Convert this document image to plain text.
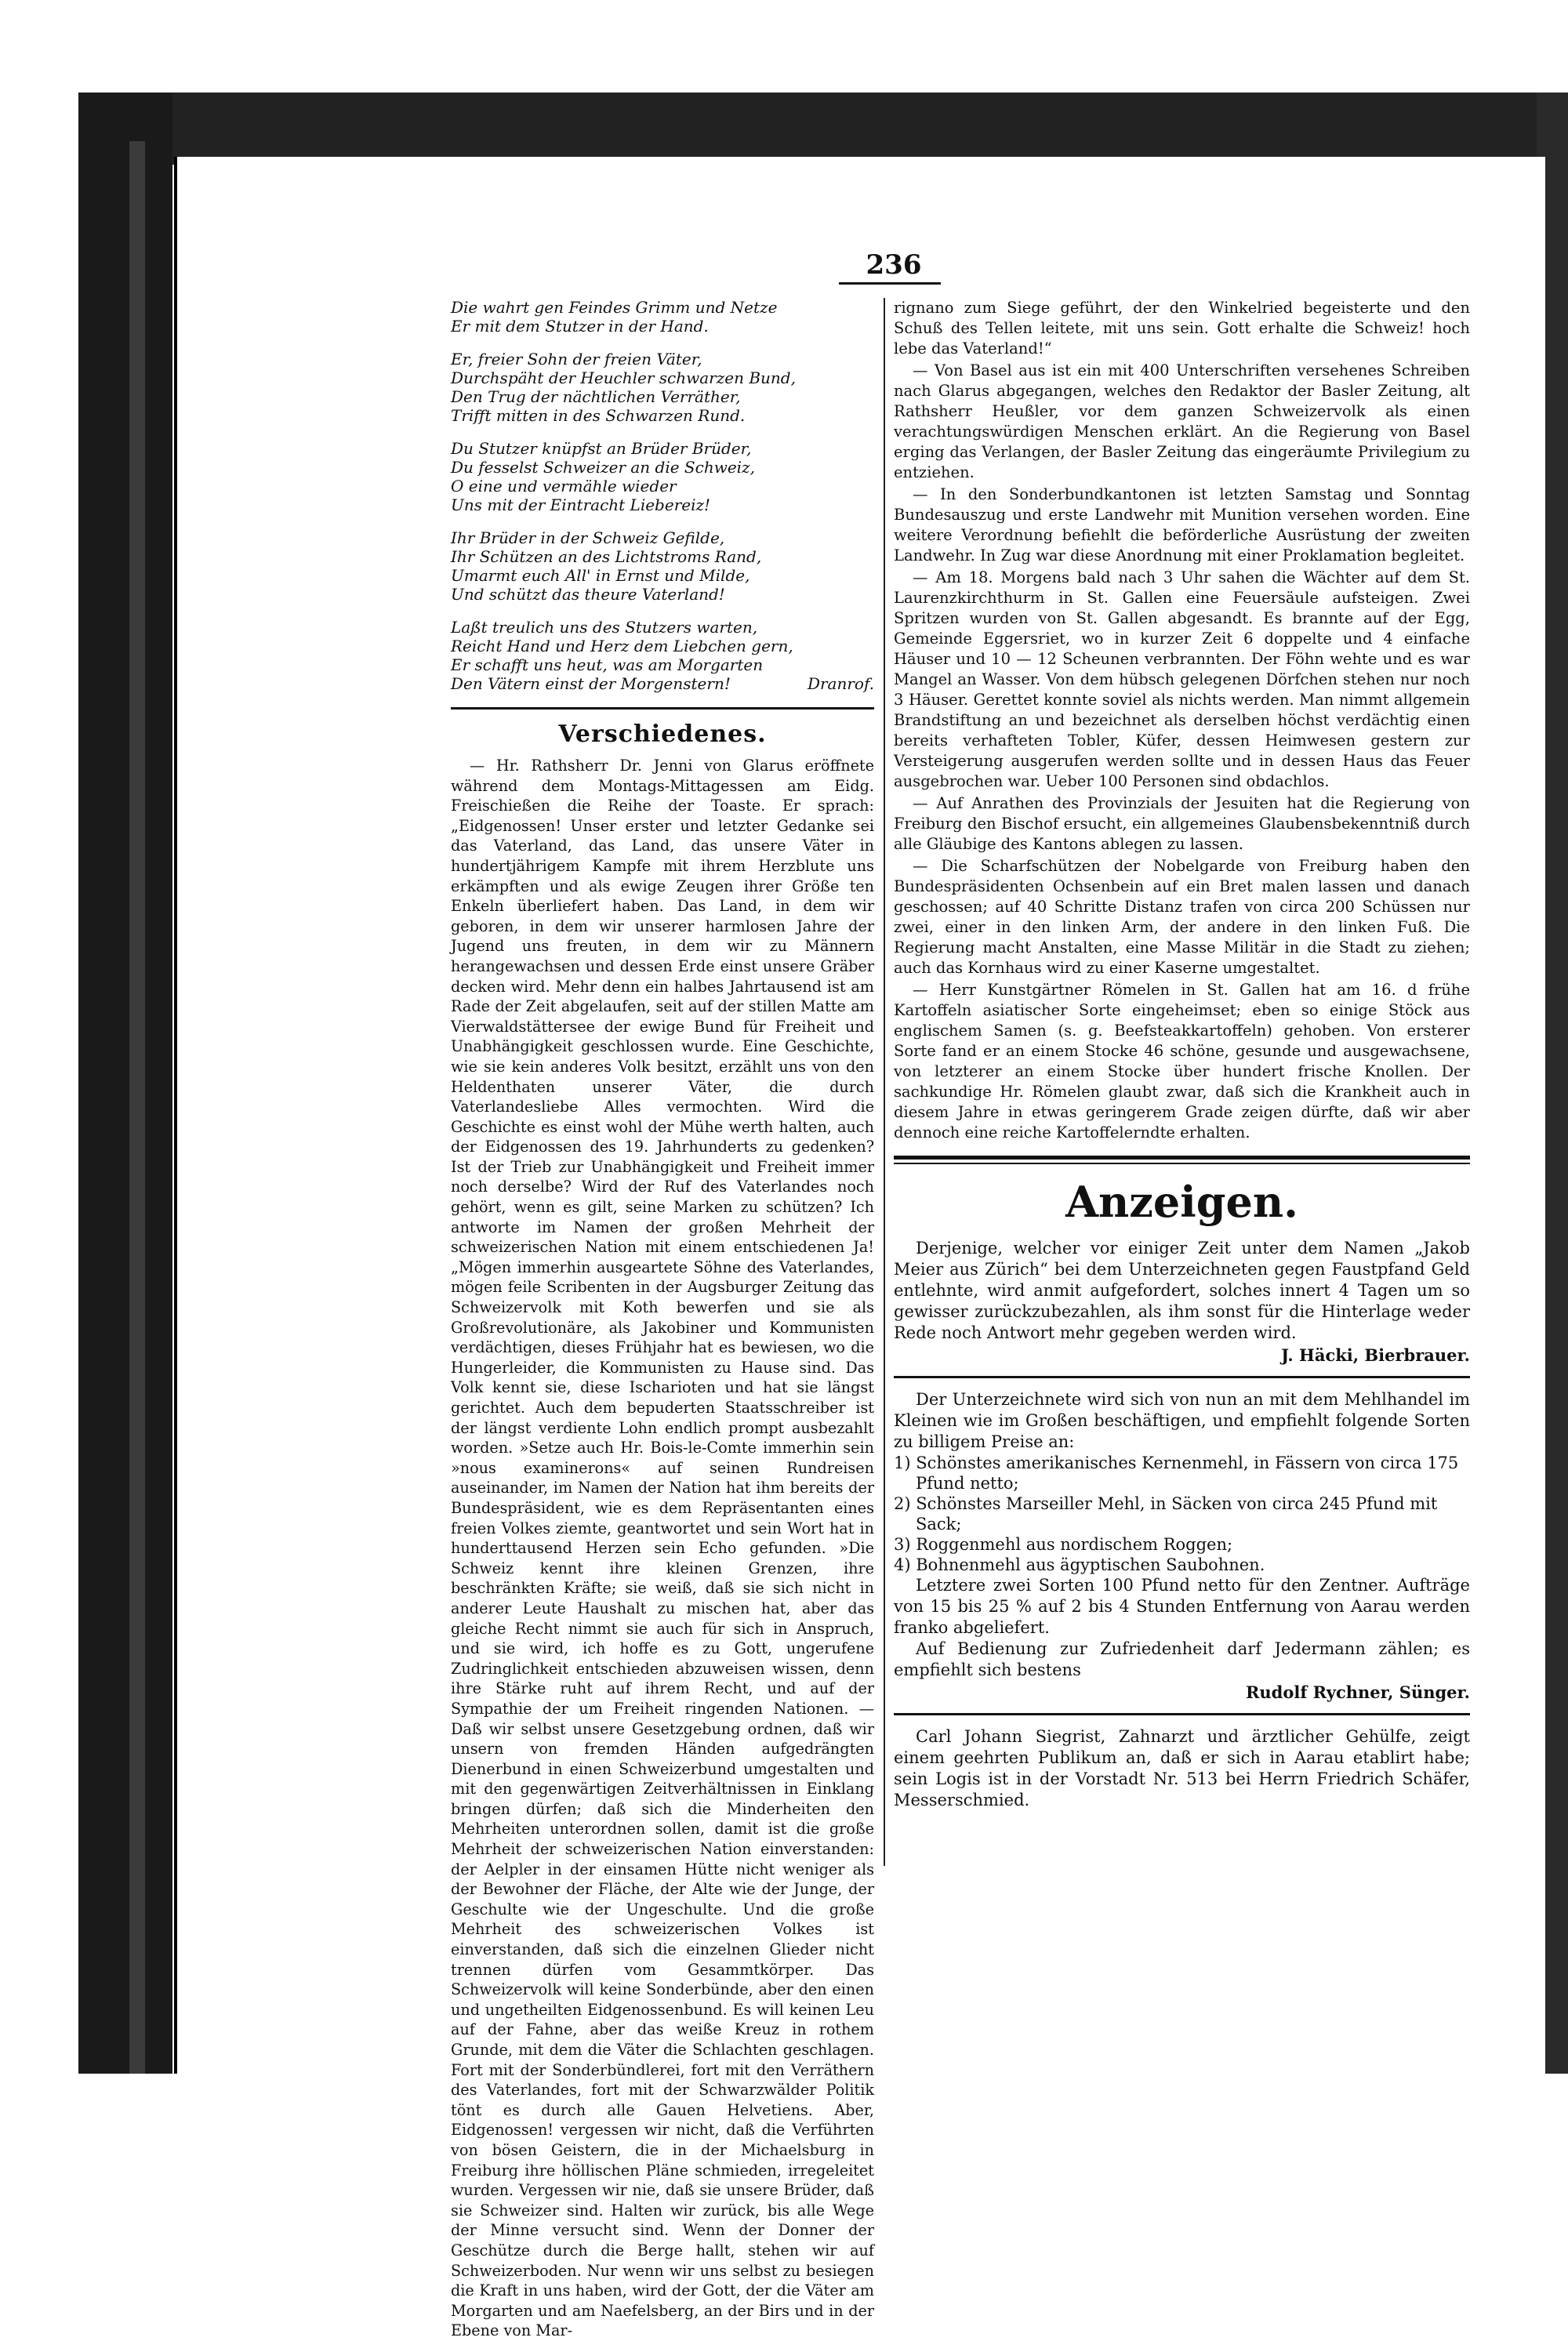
236
Die wahrt gen Feindes Grimm und Netze
Er mit dem Stutzer in der Hand.
Er, freier Sohn der freien Väter,
Durchspäht der Heuchler schwarzen Bund,
Den Trug der nächtlichen Verräther,
Trifft mitten in des Schwarzen Rund.
Du Stutzer knüpfst an Brüder Brüder,
Du fesselst Schweizer an die Schweiz,
O eine und vermähle wieder
Uns mit der Eintracht Liebereiz!
Ihr Brüder in der Schweiz Gefilde,
Ihr Schützen an des Lichtstroms Rand,
Umarmt euch All' in Ernst und Milde,
Und schützt das theure Vaterland!
Laßt treulich uns des Stutzers warten,
Reicht Hand und Herz dem Liebchen gern,
Er schafft uns heut, was am Morgarten
Den Vätern einst der Morgenstern!	Dranrof.
Verschiedenes.

— Hr. Rathsherr Dr. Jenni von Glarus eröffnete während dem Montags-Mittagessen am Eidg. Freischießen die Reihe der Toaste. Er sprach: „Eidgenossen! Unser erster und letzter Gedanke sei das Vaterland, das Land, das unsere Väter in hundertjährigem Kampfe mit ihrem Herzblute uns erkämpften und als ewige Zeugen ihrer Größe ten Enkeln überliefert haben. Das Land, in dem wir geboren, in dem wir unserer harmlosen Jahre der Jugend uns freuten, in dem wir zu Männern herangewachsen und dessen Erde einst unsere Gräber decken wird. Mehr denn ein halbes Jahrtausend ist am Rade der Zeit abgelaufen, seit auf der stillen Matte am Vierwaldstättersee der ewige Bund für Freiheit und Unabhängigkeit geschlossen wurde. Eine Geschichte, wie sie kein anderes Volk besitzt, erzählt uns von den Heldenthaten unserer Väter, die durch Vaterlandesliebe Alles vermochten. Wird die Geschichte es einst wohl der Mühe werth halten, auch der Eidgenossen des 19. Jahrhunderts zu gedenken? Ist der Trieb zur Unabhängigkeit und Freiheit immer noch derselbe? Wird der Ruf des Vaterlandes noch gehört, wenn es gilt, seine Marken zu schützen? Ich antworte im Namen der großen Mehrheit der schweizerischen Nation mit einem entschiedenen Ja! „Mögen immerhin ausgeartete Söhne des Vaterlandes, mögen feile Scribenten in der Augsburger Zeitung das Schweizervolk mit Koth bewerfen und sie als Großrevolutionäre, als Jakobiner und Kommunisten verdächtigen, dieses Frühjahr hat es bewiesen, wo die Hungerleider, die Kommunisten zu Hause sind. Das Volk kennt sie, diese Ischarioten und hat sie längst gerichtet. Auch dem bepuderten Staatsschreiber ist der längst verdiente Lohn endlich prompt ausbezahlt worden. »Setze auch Hr. Bois-le-Comte immerhin sein »nous examinerons« auf seinen Rundreisen auseinander, im Namen der Nation hat ihm bereits der Bundespräsident, wie es dem Repräsentanten eines freien Volkes ziemte, geantwortet und sein Wort hat in hunderttausend Herzen sein Echo gefunden. »Die Schweiz kennt ihre kleinen Grenzen, ihre beschränkten Kräfte; sie weiß, daß sie sich nicht in anderer Leute Haushalt zu mischen hat, aber das gleiche Recht nimmt sie auch für sich in Anspruch, und sie wird, ich hoffe es zu Gott, ungerufene Zudringlichkeit entschieden abzuweisen wissen, denn ihre Stärke ruht auf ihrem Recht, und auf der Sympathie der um Freiheit ringenden Nationen. — Daß wir selbst unsere Gesetzgebung ordnen, daß wir unsern von fremden Händen aufgedrängten Dienerbund in einen Schweizerbund umgestalten und mit den gegenwärtigen Zeitverhältnissen in Einklang bringen dürfen; daß sich die Minderheiten den Mehrheiten unterordnen sollen, damit ist die große Mehrheit der schweizerischen Nation einverstanden: der Aelpler in der einsamen Hütte nicht weniger als der Bewohner der Fläche, der Alte wie der Junge, der Geschulte wie der Ungeschulte. Und die große Mehrheit des schweizerischen Volkes ist einverstanden, daß sich die einzelnen Glieder nicht trennen dürfen vom Gesammtkörper. Das Schweizervolk will keine Sonderbünde, aber den einen und ungetheilten Eidgenossenbund. Es will keinen Leu auf der Fahne, aber das weiße Kreuz in rothem Grunde, mit dem die Väter die Schlachten geschlagen. Fort mit der Sonderbündlerei, fort mit den Verräthern des Vaterlandes, fort mit der Schwarzwälder Politik tönt es durch alle Gauen Helvetiens. Aber, Eidgenossen! vergessen wir nicht, daß die Verführten von bösen Geistern, die in der Michaelsburg in Freiburg ihre höllischen Pläne schmieden, irregeleitet wurden. Vergessen wir nie, daß sie unsere Brüder, daß sie Schweizer sind. Halten wir zurück, bis alle Wege der Minne versucht sind. Wenn der Donner der Geschütze durch die Berge hallt, stehen wir auf Schweizerboden. Nur wenn wir uns selbst zu besiegen die Kraft in uns haben, wird der Gott, der die Väter am Morgarten und am Naefelsberg, an der Birs und in der Ebene von Mar-

rignano zum Siege geführt, der den Winkelried begeisterte und den Schuß des Tellen leitete, mit uns sein. Gott erhalte die Schweiz! hoch lebe das Vaterland!“

— Von Basel aus ist ein mit 400 Unterschriften versehenes Schreiben nach Glarus abgegangen, welches den Redaktor der Basler Zeitung, alt Rathsherr Heußler, vor dem ganzen Schweizervolk als einen verachtungswürdigen Menschen erklärt. An die Regierung von Basel erging das Verlangen, der Basler Zeitung das eingeräumte Privilegium zu entziehen.

— In den Sonderbundkantonen ist letzten Samstag und Sonntag Bundesauszug und erste Landwehr mit Munition versehen worden. Eine weitere Verordnung befiehlt die beförderliche Ausrüstung der zweiten Landwehr. In Zug war diese Anordnung mit einer Proklamation begleitet.

— Am 18. Morgens bald nach 3 Uhr sahen die Wächter auf dem St. Laurenzkirchthurm in St. Gallen eine Feuersäule aufsteigen. Zwei Spritzen wurden von St. Gallen abgesandt. Es brannte auf der Egg, Gemeinde Eggersriet, wo in kurzer Zeit 6 doppelte und 4 einfache Häuser und 10 — 12 Scheunen verbrannten. Der Föhn wehte und es war Mangel an Wasser. Von dem hübsch gelegenen Dörfchen stehen nur noch 3 Häuser. Gerettet konnte soviel als nichts werden. Man nimmt allgemein Brandstiftung an und bezeichnet als derselben höchst verdächtig einen bereits verhafteten Tobler, Küfer, dessen Heimwesen gestern zur Versteigerung ausgerufen werden sollte und in dessen Haus das Feuer ausgebrochen war. Ueber 100 Personen sind obdachlos.

— Auf Anrathen des Provinzials der Jesuiten hat die Regierung von Freiburg den Bischof ersucht, ein allgemeines Glaubensbekenntniß durch alle Gläubige des Kantons ablegen zu lassen.

— Die Scharfschützen der Nobelgarde von Freiburg haben den Bundespräsidenten Ochsenbein auf ein Bret malen lassen und danach geschossen; auf 40 Schritte Distanz trafen von circa 200 Schüssen nur zwei, einer in den linken Arm, der andere in den linken Fuß. Die Regierung macht Anstalten, eine Masse Militär in die Stadt zu ziehen; auch das Kornhaus wird zu einer Kaserne umgestaltet.

— Herr Kunstgärtner Römelen in St. Gallen hat am 16. d frühe Kartoffeln asiatischer Sorte eingeheimset; eben so einige Stöck aus englischem Samen (s. g. Beefsteakkartoffeln) gehoben. Von ersterer Sorte fand er an einem Stocke 46 schöne, gesunde und ausgewachsene, von letzterer an einem Stocke über hundert frische Knollen. Der sachkundige Hr. Römelen glaubt zwar, daß sich die Krankheit auch in diesem Jahre in etwas geringerem Grade zeigen dürfte, daß wir aber dennoch eine reiche Kartoffelerndte erhalten.

Anzeigen.

Derjenige, welcher vor einiger Zeit unter dem Namen „Jakob Meier aus Zürich“ bei dem Unterzeichneten gegen Faustpfand Geld entlehnte, wird anmit aufgefordert, solches innert 4 Tagen um so gewisser zurückzubezahlen, als ihm sonst für die Hinterlage weder Rede noch Antwort mehr gegeben werden wird.

J. Häcki, Bierbrauer.

Der Unterzeichnete wird sich von nun an mit dem Mehlhandel im Kleinen wie im Großen beschäftigen, und empfiehlt folgende Sorten zu billigem Preise an:

1) Schönstes amerikanisches Kernenmehl, in Fässern von circa 175 Pfund netto;

2) Schönstes Marseiller Mehl, in Säcken von circa 245 Pfund mit Sack;

3) Roggenmehl aus nordischem Roggen;

4) Bohnenmehl aus ägyptischen Saubohnen.

Letztere zwei Sorten 100 Pfund netto für den Zentner. Aufträge von 15 bis 25 % auf 2 bis 4 Stunden Entfernung von Aarau werden franko abgeliefert.

Auf Bedienung zur Zufriedenheit darf Jedermann zählen; es empfiehlt sich bestens

Rudolf Rychner, Sünger.

Carl Johann Siegrist, Zahnarzt und ärztlicher Gehülfe, zeigt einem geehrten Publikum an, daß er sich in Aarau etablirt habe; sein Logis ist in der Vorstadt Nr. 513 bei Herrn Friedrich Schäfer, Messerschmied.
